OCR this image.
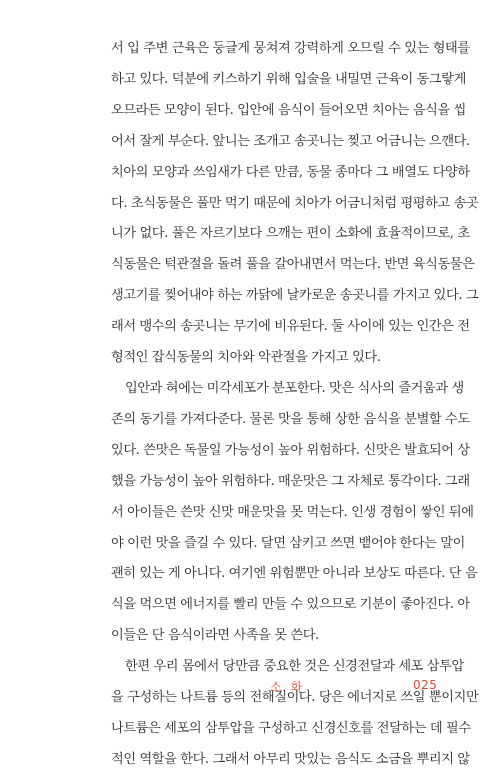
서 입 주변 근육은 둥글게 뭉쳐져 강력하게 오므릴 수 있는 형태를
하고 있다. 덕분에 키스하기 위해 입술을 내밀면 근육이 동그랗게
오므라든 모양이 된다. 입안에 음식이 들어오면 치아는 음식을 씹
어서 잘게 부순다. 앞니는 조개고 송곳니는 찢고 어금니는 으깬다.
치아의 모양과 쓰임새가 다른 만큼, 동물 종마다 그 배열도 다양하
다. 초식동물은 풀만 먹기 때문에 치아가 어금니처럼 평평하고 송곳
니가 없다. 풀은 자르기보다 으깨는 편이 소화에 효율적이므로, 초
식동물은 턱관절을 돌려 풀을 갈아내면서 먹는다. 반면 육식동물은
생고기를 찢어내야 하는 까닭에 날카로운 송곳니를 가지고 있다. 그
래서 맹수의 송곳니는 무기에 비유된다. 둘 사이에 있는 인간은 전
형적인 잡식동물의 치아와 악관절을 가지고 있다.
입안과 혀에는 미각세포가 분포한다. 맛은 식사의 즐거움과 생
존의 동기를 가져다준다. 물론 맛을 통해 상한 음식을 분별할 수도
있다. 쓴맛은 독물일 가능성이 높아 위험하다. 신맛은 발효되어 상
했을 가능성이 높아 위험하다. 매운맛은 그 자체로 통각이다. 그래
서 아이들은 쓴맛 신맛 매운맛을 못 먹는다. 인생 경험이 쌓인 뒤에
야 이런 맛을 즐길 수 있다. 달면 삼키고 쓰면 뱉어야 한다는 말이
괜히 있는 게 아니다. 여기엔 위험뿐만 아니라 보상도 따른다. 단 음
식을 먹으면 에너지를 빨리 만들 수 있으므로 기분이 좋아진다. 아
이들은 단 음식이라면 사족을 못 쓴다.
한편 우리 몸에서 당만큼 중요한 것은 신경전달과 세포 삼투압
을 구성하는 나트륨 등의 전해질이다. 당은 에너지로 쓰일 뿐이지만
나트륨은 세포의 삼투압을 구성하고 신경신호를 전달하는 데 필수
적인 역할을 한다. 그래서 아무리 맛있는 음식도 소금을 뿌리지 않
소화	025
